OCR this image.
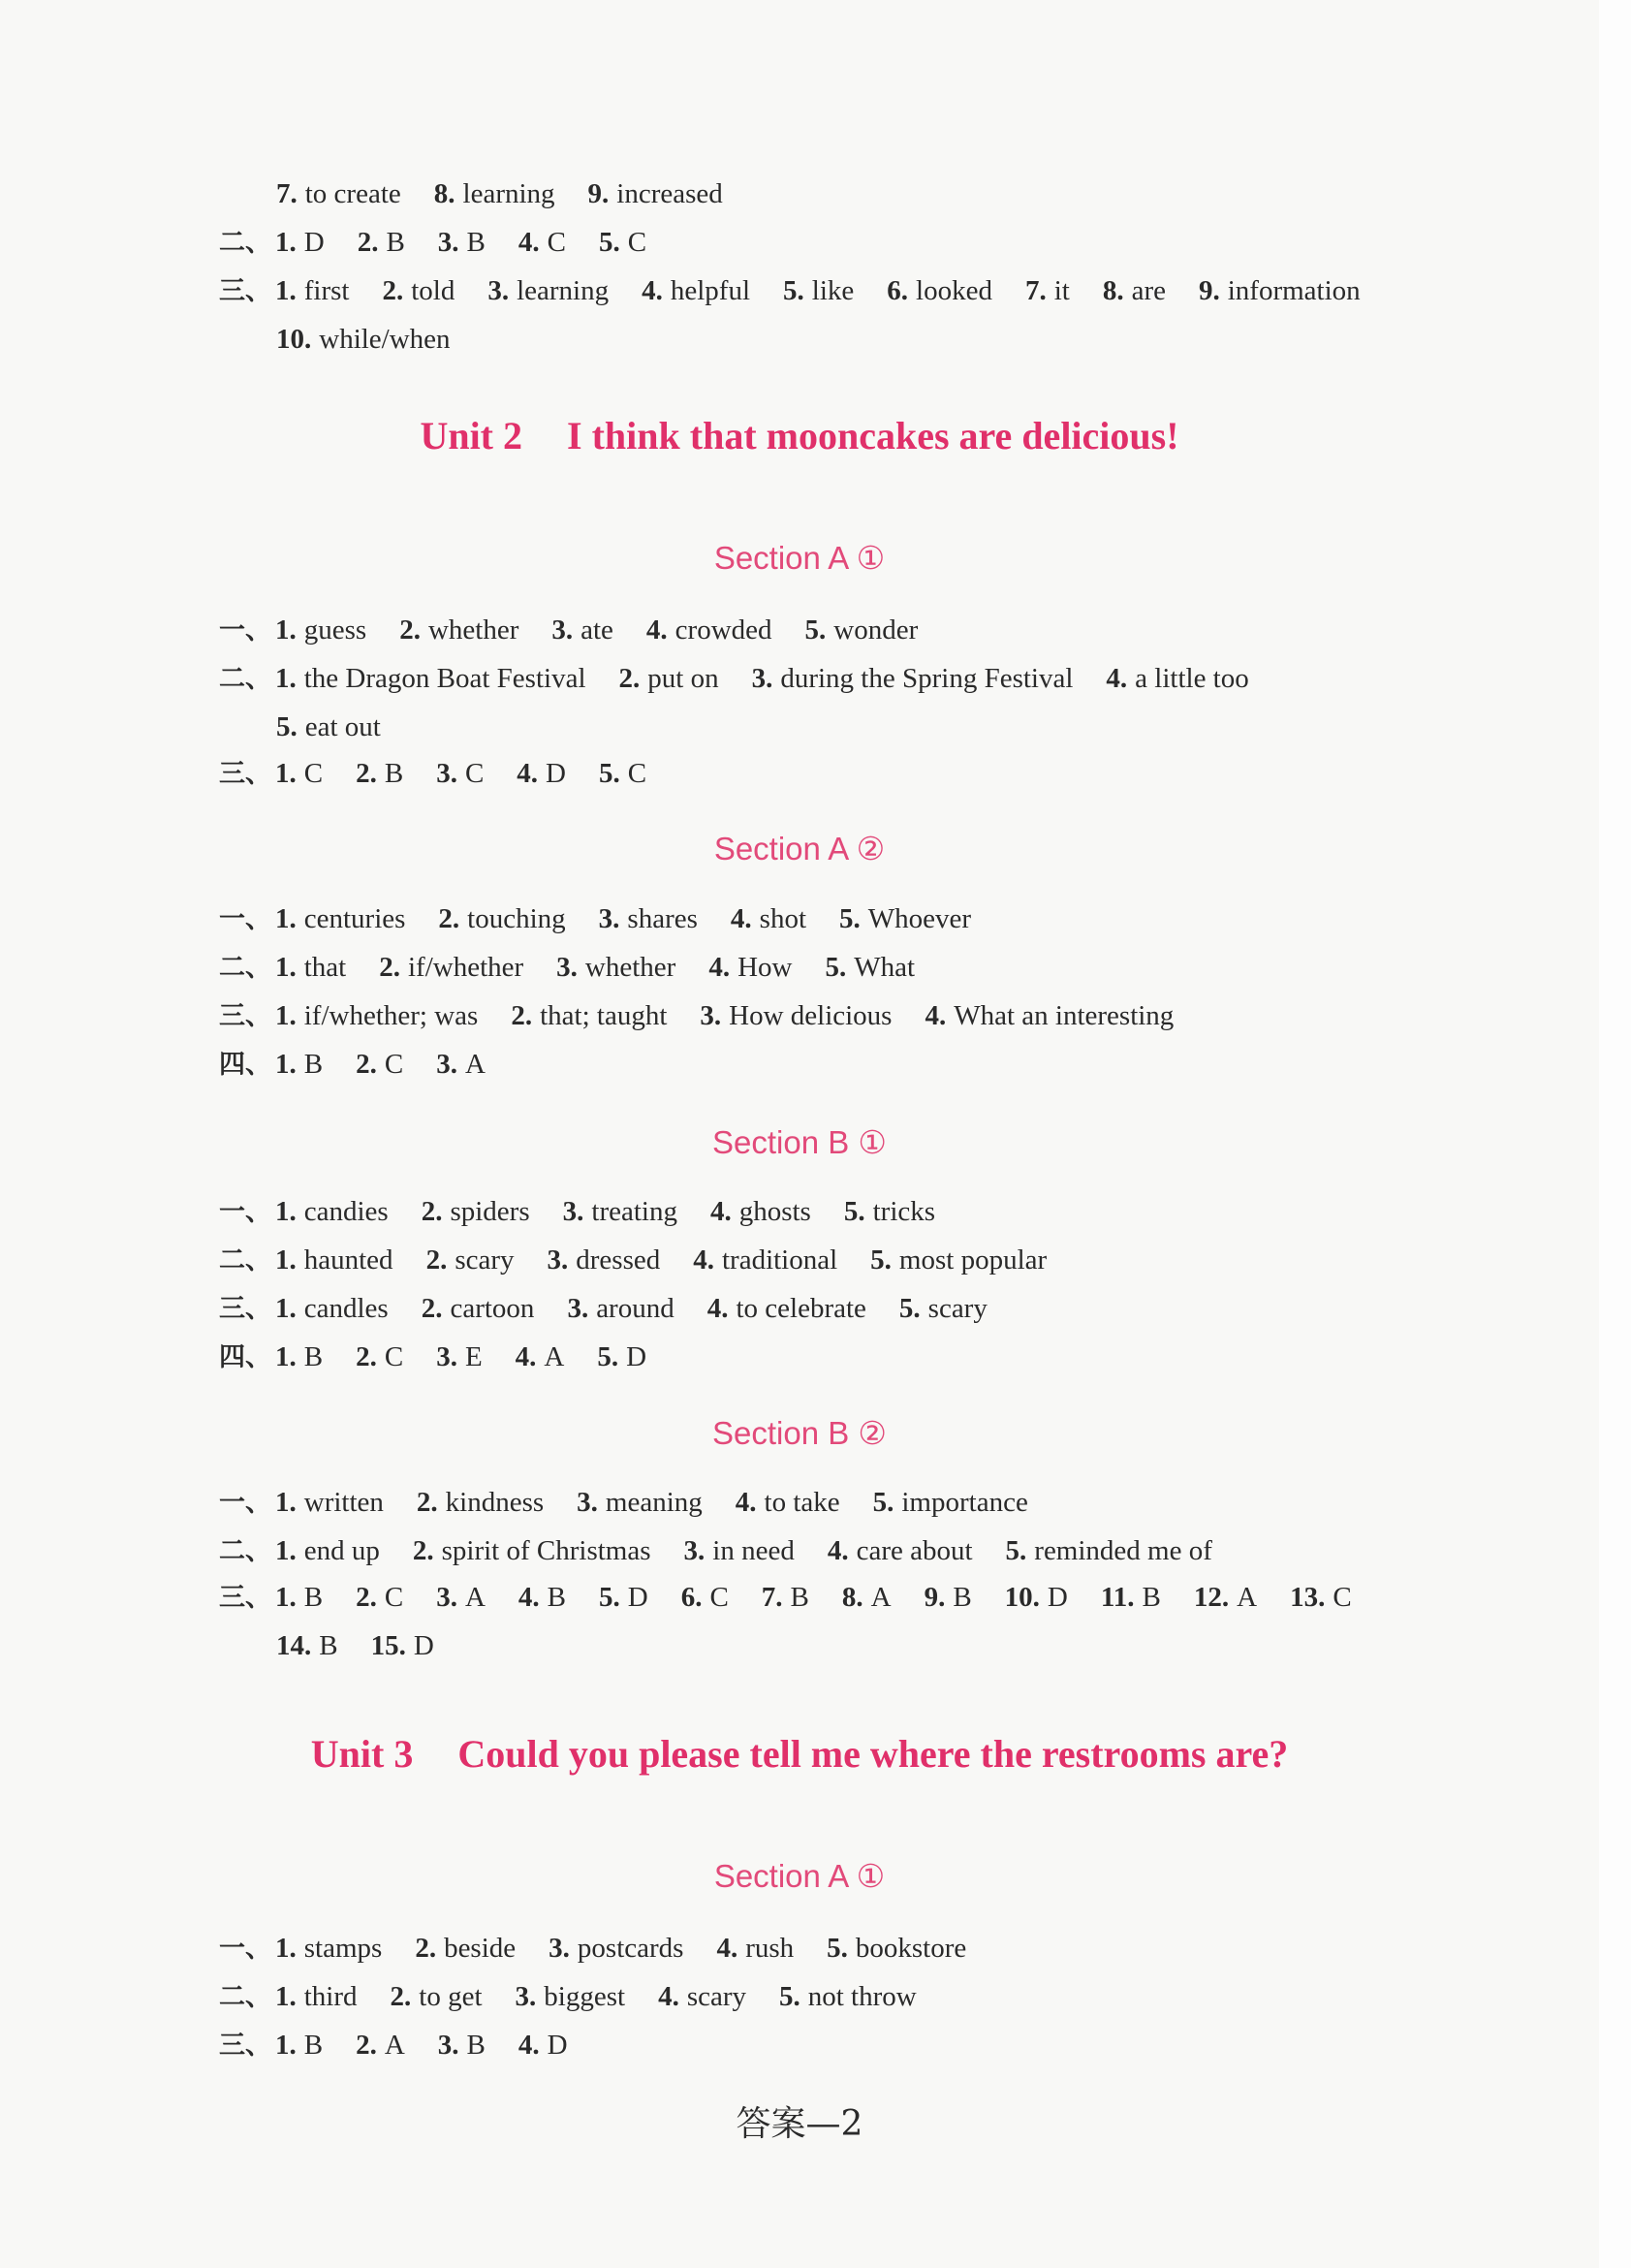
7. to create 8. learning 9. increased
二、 1. D 2. B 3. B 4. C 5. C
三、 1. first 2. told 3. learning 4. helpful 5. like 6. looked 7. it 8. are 9. information
10. while/when
Unit 2 I think that mooncakes are delicious!
Section A ①
一、 1. guess 2. whether 3. ate 4. crowded 5. wonder
二、 1. the Dragon Boat Festival 2. put on 3. during the Spring Festival 4. a little too
5. eat out
三、 1. C 2. B 3. C 4. D 5. C
Section A ②
一、 1. centuries 2. touching 3. shares 4. shot 5. Whoever
二、 1. that 2. if/whether 3. whether 4. How 5. What
三、 1. if/whether; was 2. that; taught 3. How delicious 4. What an interesting
四、 1. B 2. C 3. A
Section B ①
一、 1. candies 2. spiders 3. treating 4. ghosts 5. tricks
二、 1. haunted 2. scary 3. dressed 4. traditional 5. most popular
三、 1. candles 2. cartoon 3. around 4. to celebrate 5. scary
四、 1. B 2. C 3. E 4. A 5. D
Section B ②
一、 1. written 2. kindness 3. meaning 4. to take 5. importance
二、 1. end up 2. spirit of Christmas 3. in need 4. care about 5. reminded me of
三、 1. B 2. C 3. A 4. B 5. D 6. C 7. B 8. A 9. B 10. D 11. B 12. A 13. C
14. B 15. D
Unit 3 Could you please tell me where the restrooms are?
Section A ①
一、 1. stamps 2. beside 3. postcards 4. rush 5. bookstore
二、 1. third 2. to get 3. biggest 4. scary 5. not throw
三、 1. B 2. A 3. B 4. D
答案—2
